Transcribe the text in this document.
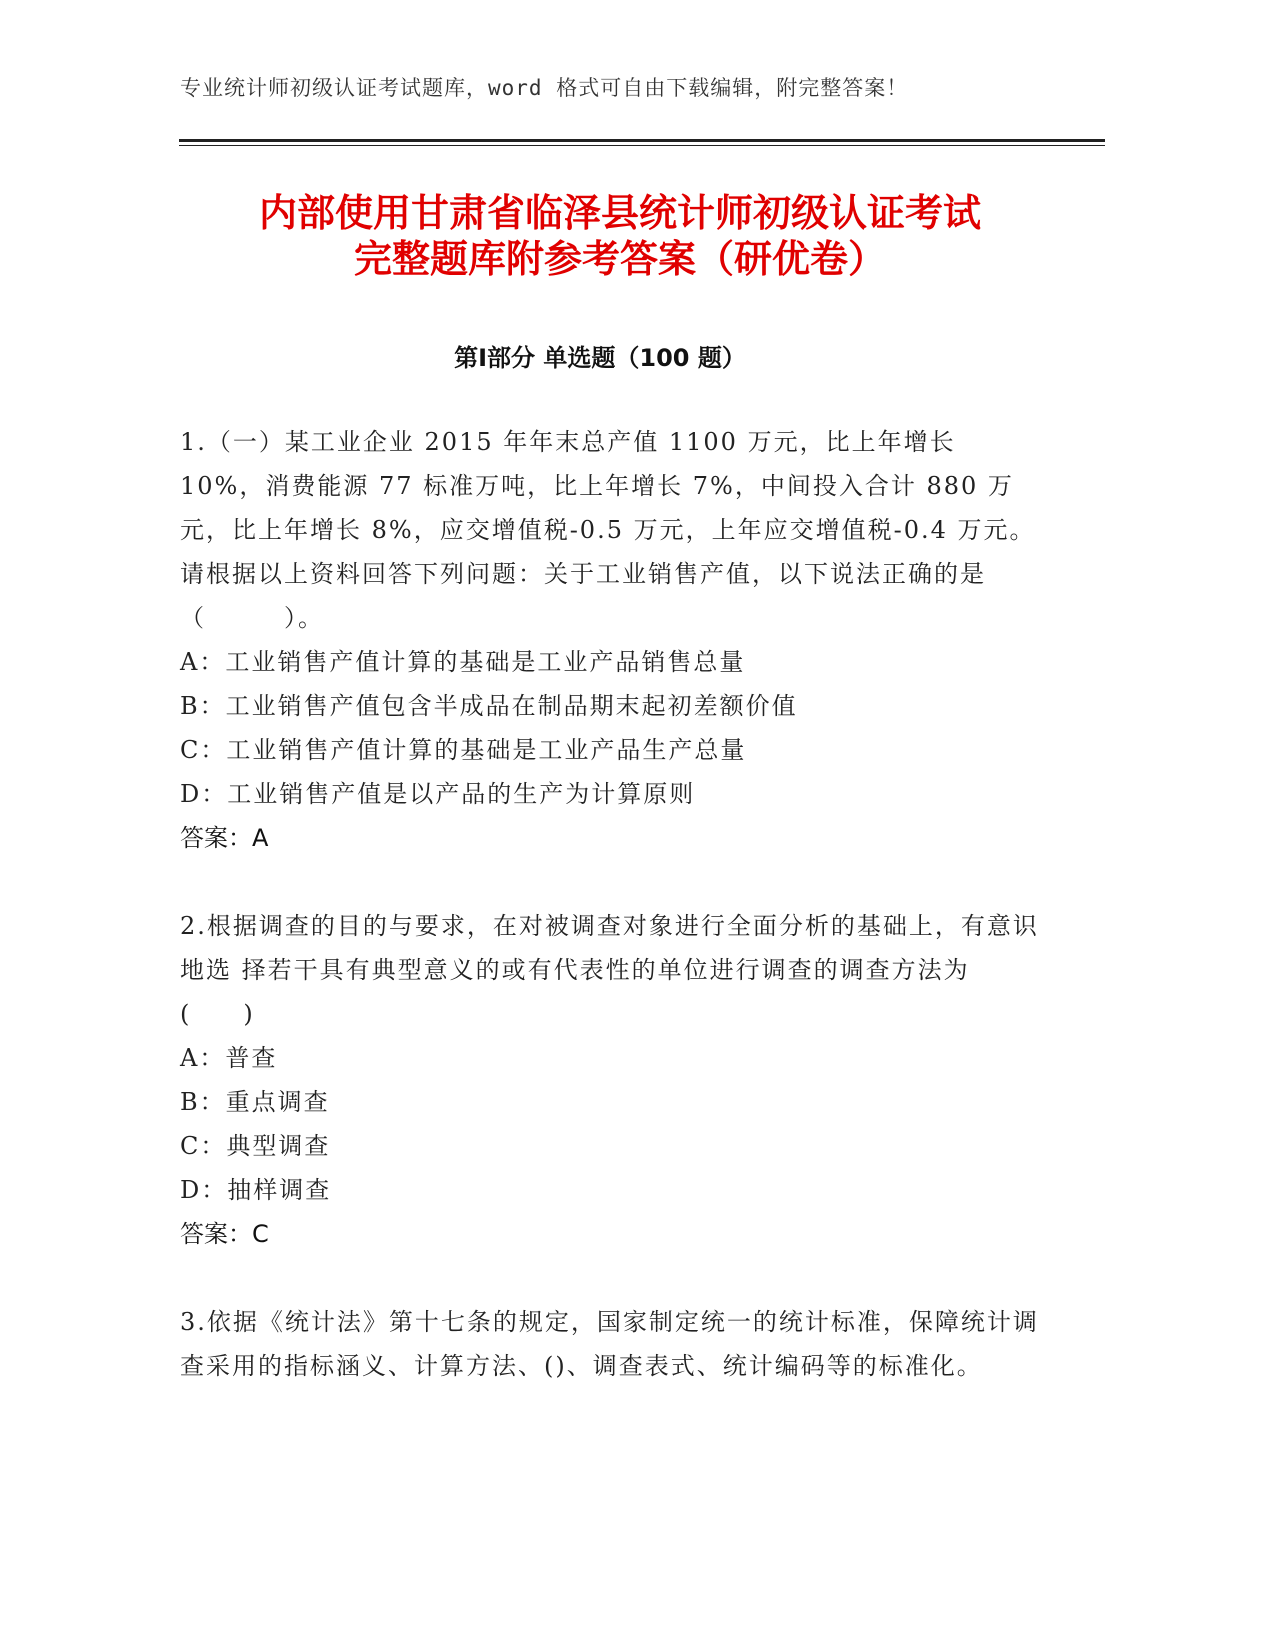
专业统计师初级认证考试题库，word 格式可自由下载编辑，附完整答案！
内部使用甘肃省临泽县统计师初级认证考试
完整题库附参考答案（研优卷）
第Ⅰ部分 单选题（100 题）

1.（一）某工业企业 2015 年年末总产值 1100 万元，比上年增长 10%，消费能源 77 标准万吨，比上年增长 7%，中间投入合计 880 万元，比上年增长 8%，应交增值税-0.5 万元，上年应交增值税-0.4 万元。请根据以上资料回答下列问题：关于工业销售产值，以下说法正确的是（　　　）。

A：工业销售产值计算的基础是工业产品销售总量

B：工业销售产值包含半成品在制品期末起初差额价值

C：工业销售产值计算的基础是工业产品生产总量

D：工业销售产值是以产品的生产为计算原则

答案：A

2.根据调查的目的与要求，在对被调查对象进行全面分析的基础上，有意识地选 择若干具有典型意义的或有代表性的单位进行调查的调查方法为(　　)

A：普查

B：重点调查

C：典型调查

D：抽样调查

答案：C

3.依据《统计法》第十七条的规定，国家制定统一的统计标准，保障统计调查采用的指标涵义、计算方法、()、调查表式、统计编码等的标准化。
